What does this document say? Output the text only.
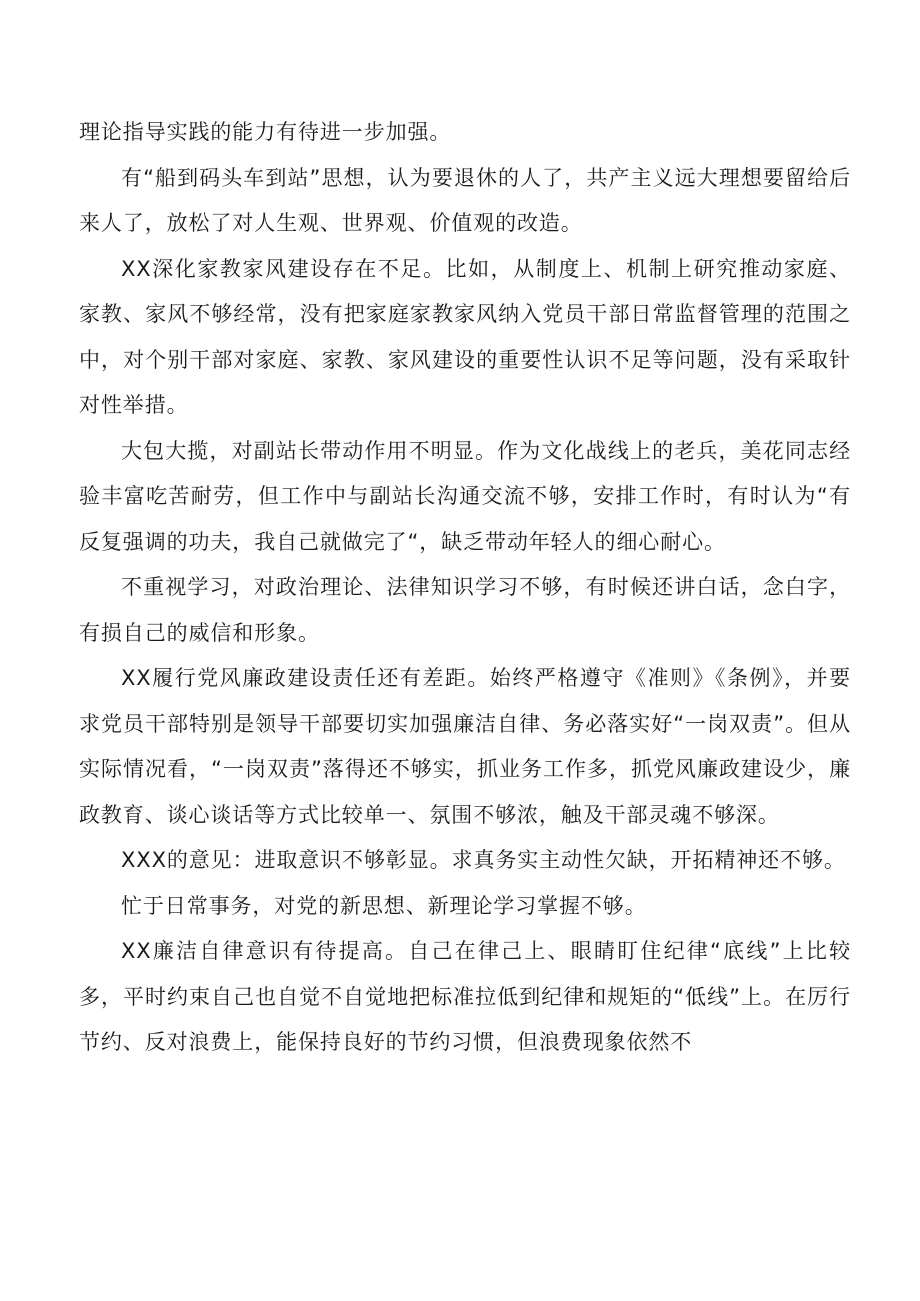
理论指导实践的能力有待进一步加强。

有“船到码头车到站”思想，认为要退休的人了，共产主义远大理想要留给后来人了，放松了对人生观、世界观、价值观的改造。

XX深化家教家风建设存在不足。比如，从制度上、机制上研究推动家庭、家教、家风不够经常，没有把家庭家教家风纳入党员干部日常监督管理的范围之中，对个别干部对家庭、家教、家风建设的重要性认识不足等问题，没有采取针对性举措。

大包大揽，对副站长带动作用不明显。作为文化战线上的老兵，美花同志经验丰富吃苦耐劳，但工作中与副站长沟通交流不够，安排工作时，有时认为“有反复强调的功夫，我自己就做完了“，缺乏带动年轻人的细心耐心。

不重视学习，对政治理论、法律知识学习不够，有时候还讲白话，念白字，有损自己的威信和形象。

XX履行党风廉政建设责任还有差距。始终严格遵守《准则》《条例》，并要求党员干部特别是领导干部要切实加强廉洁自律、务必落实好“一岗双责”。但从实际情况看，“一岗双责”落得还不够实，抓业务工作多，抓党风廉政建设少，廉政教育、谈心谈话等方式比较单一、氛围不够浓，触及干部灵魂不够深。

XXX的意见：进取意识不够彰显。求真务实主动性欠缺，开拓精神还不够。

忙于日常事务，对党的新思想、新理论学习掌握不够。

XX廉洁自律意识有待提高。自己在律己上、眼睛盯住纪律“底线”上比较多，平时约束自己也自觉不自觉地把标准拉低到纪律和规矩的“低线”上。在厉行节约、反对浪费上，能保持良好的节约习惯，但浪费现象依然不
